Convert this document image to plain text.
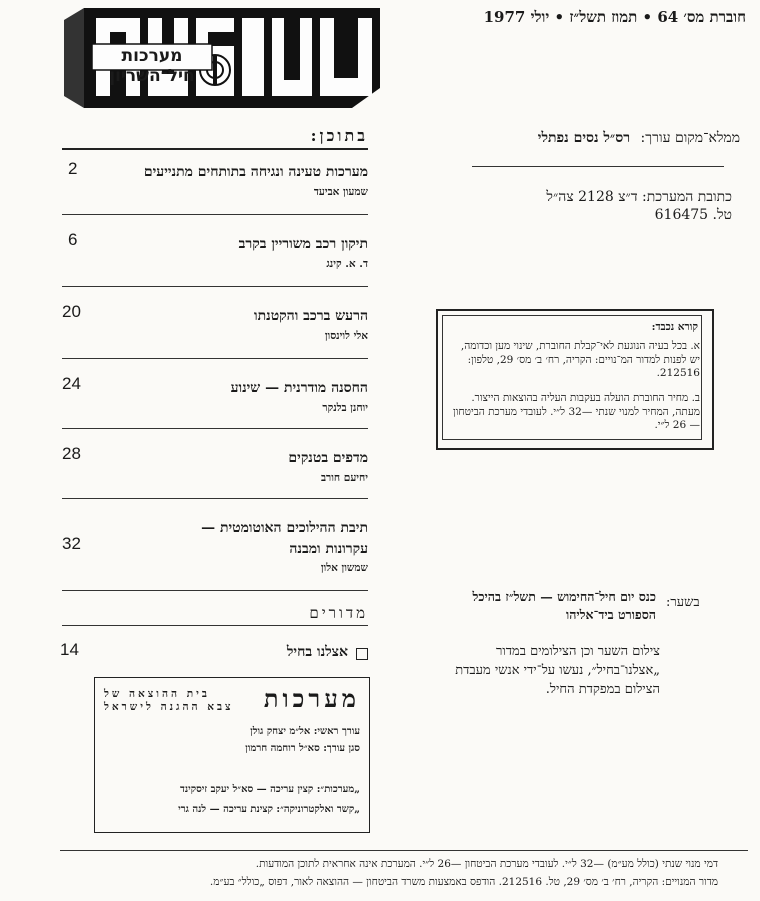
מערכות חיל־השריון
חוברת מס׳ 64 • תמוז תשל״ז • יולי 1977
בתוכן:
מערכות טעינה ונגיחה בתותחים מתנייעים
שמעון אביעד
2
תיקון רכב משוריין בקרב
ד. א. קינג
6
הרעש ברכב והקטנתו
אלי לוינסון
20
החסנה מודרנית — שינוע
יוחנן בלנקר
24
מדפים בטנקים
יחיעם חורב
28
תיבת ההילוכים האוטומטית —
עקרונות ומבנה
שמשון אלון
32
מדורים
אצלנו בחיל
14
ממלא־מקום עורך: רס״ל נסים נפתלי
כתובת המערכת: ד״צ 2128 צה״ל
טל. 616475
קורא נכבד:
א. בכל בעיה הנוגעת לאי־קבלת החוברת, שינוי מען וכדומה, יש לפנות למדור המ־נויים: הקריה, רח׳ ב׳ מס׳ 29, טלפון: 212516.
ב. מחיר החוברת הועלה בעקבות העליה בהוצאות הייצור. מעתה, המחיר למנוי שנתי —32 ל״י. לעובדי מערכת הביטחון — 26 ל״י.
בשער:
כנס יום חיל־החימוש — תשל״ז בהיכל הספורט ביד־אליהו
צילום השער וכן הצילומים במדור „אצלנו־בחיל״, נעשו על־ידי אנשי מעבדת הצילום במפקדת החיל.
מערכות
בית ההוצאה של
צבא ההגנה לישראל
עורך ראשי: אל״מ יצחק גולן
סגן עורך: סא״ל רוחמה חרמון
„מערכות״: קצין עריכה — סא״ל יעקב זיסקינד
„קשר ואלקטרוניקה״: קצינת עריכה — לנה גרי
דמי מנוי שנתי (כולל מע״מ) —32 ל״י. לעובדי מערכת הביטחון —26 ל״י. המערכת אינה אחראית לתוכן המודעות.
מדור המנויים: הקריה, רח׳ ב׳ מס׳ 29, טל. 212516. הודפס באמצעות משרד הביטחון — ההוצאה לאור, דפוס „כולל״ בע״מ.
